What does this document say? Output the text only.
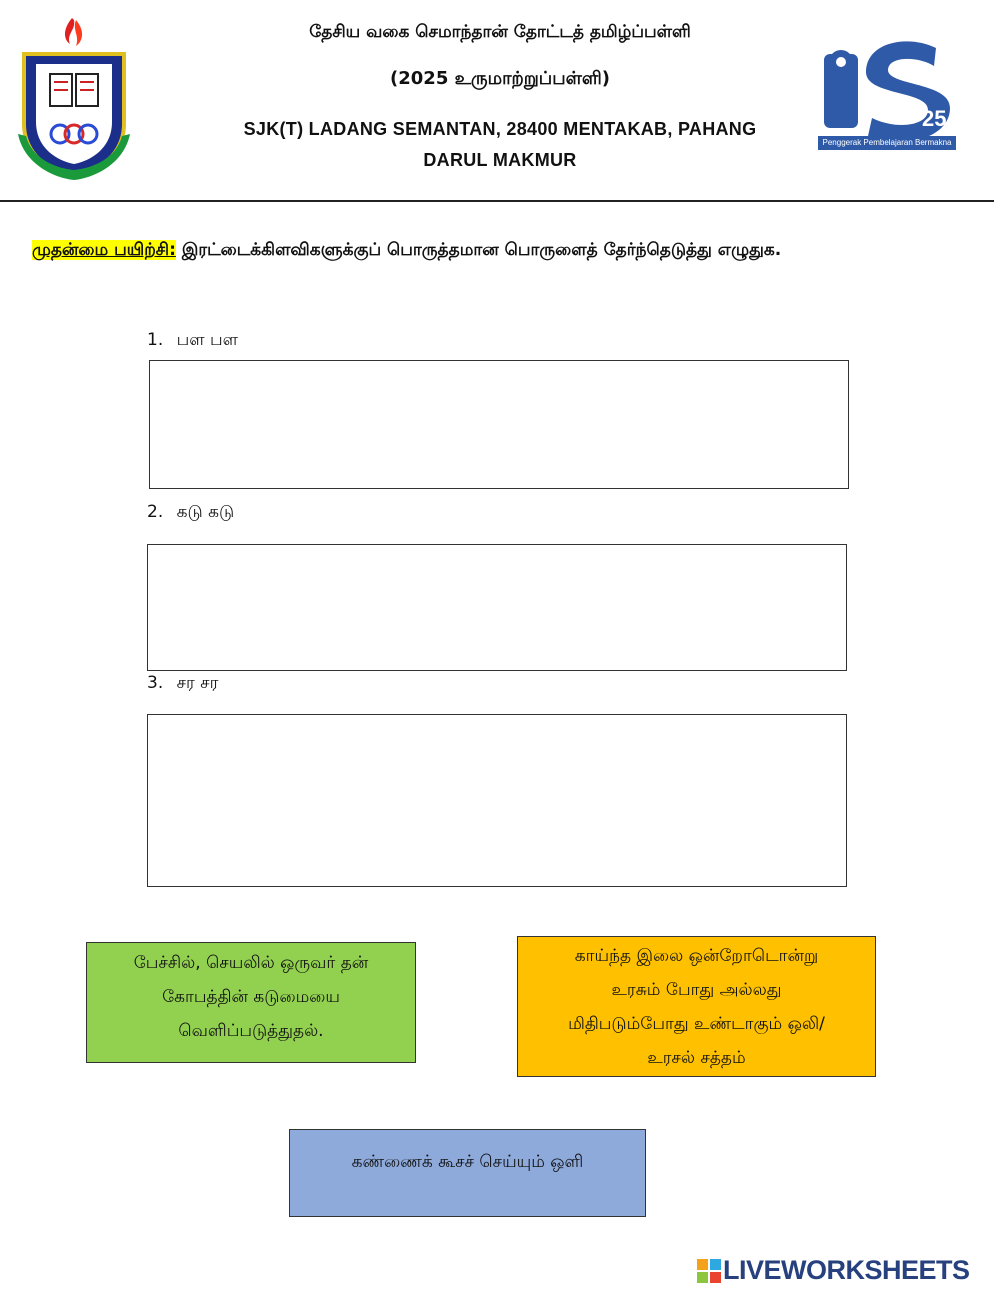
தேசிய வகை செமாந்தான் தோட்டத் தமிழ்ப்பள்ளி
(2025 உருமாற்றுப்பள்ளி)
SJK(T) LADANG SEMANTAN, 28400 MENTAKAB, PAHANG
DARUL MAKMUR
25
Penggerak Pembelajaran Bermakna
முதன்மை பயிற்சி: இரட்டைக்கிளவிகளுக்குப் பொருத்தமான பொருளைத் தேர்ந்தெடுத்து எழுதுக.
1. பள பள
2. கடு கடு
3. சர சர
பேச்சில், செயலில் ஒருவர் தன்
கோபத்தின் கடுமையை
வெளிப்படுத்துதல்.
காய்ந்த இலை ஒன்றோடொன்று
உரசும் போது அல்லது
மிதிபடும்போது உண்டாகும் ஒலி/
உரசல் சத்தம்
கண்ணைக் கூசச் செய்யும் ஒளி
LIVEWORKSHEETS
